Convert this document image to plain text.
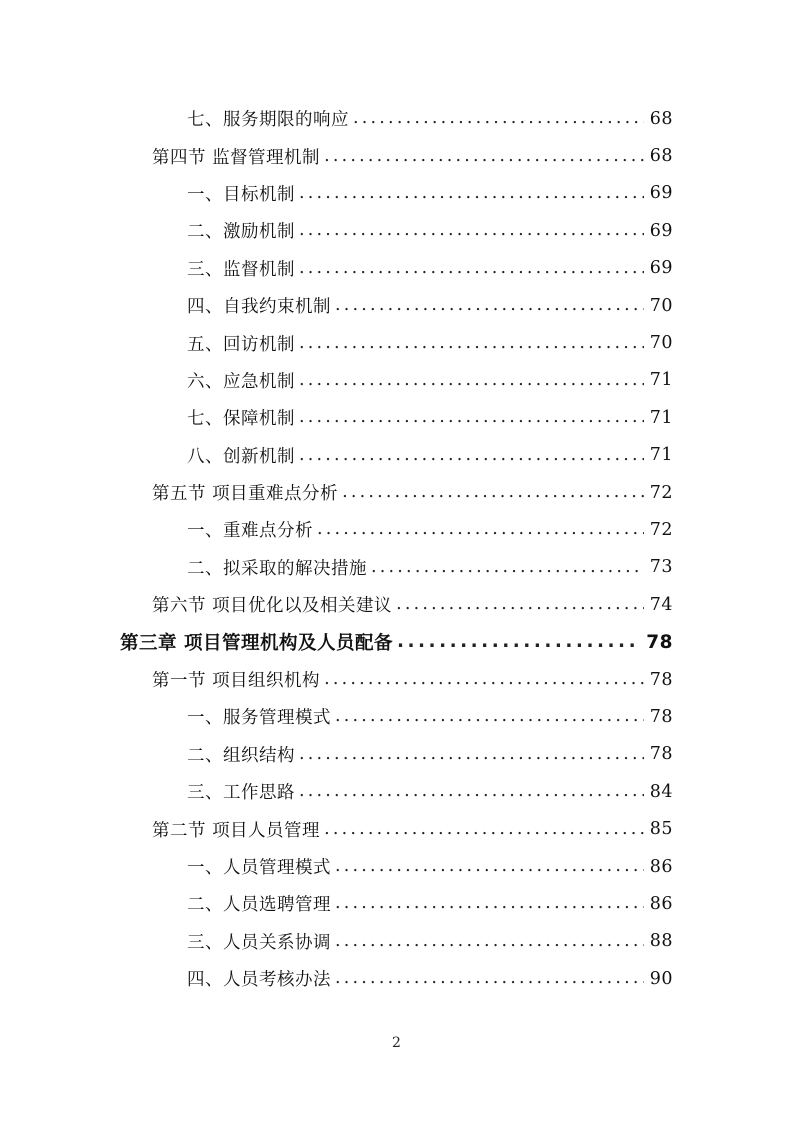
七、服务期限的响应 .....	68
第四节 监督管理机制 .....	68
一、目标机制 .....	69
二、激励机制 .....	69
三、监督机制 .....	69
四、自我约束机制 .....	70
五、回访机制 .....	70
六、应急机制 .....	71
七、保障机制 .....	71
八、创新机制 .....	71
第五节 项目重难点分析 .....	72
一、重难点分析 .....	72
二、拟采取的解决措施 .....	73
第六节 项目优化以及相关建议 .....	74
第三章 项目管理机构及人员配备 .....	78
第一节 项目组织机构 .....	78
一、服务管理模式 .....	78
二、组织结构 .....	78
三、工作思路 .....	84
第二节 项目人员管理 .....	85
一、人员管理模式 .....	86
二、人员选聘管理 .....	86
三、人员关系协调 .....	88
四、人员考核办法 .....	90
2
